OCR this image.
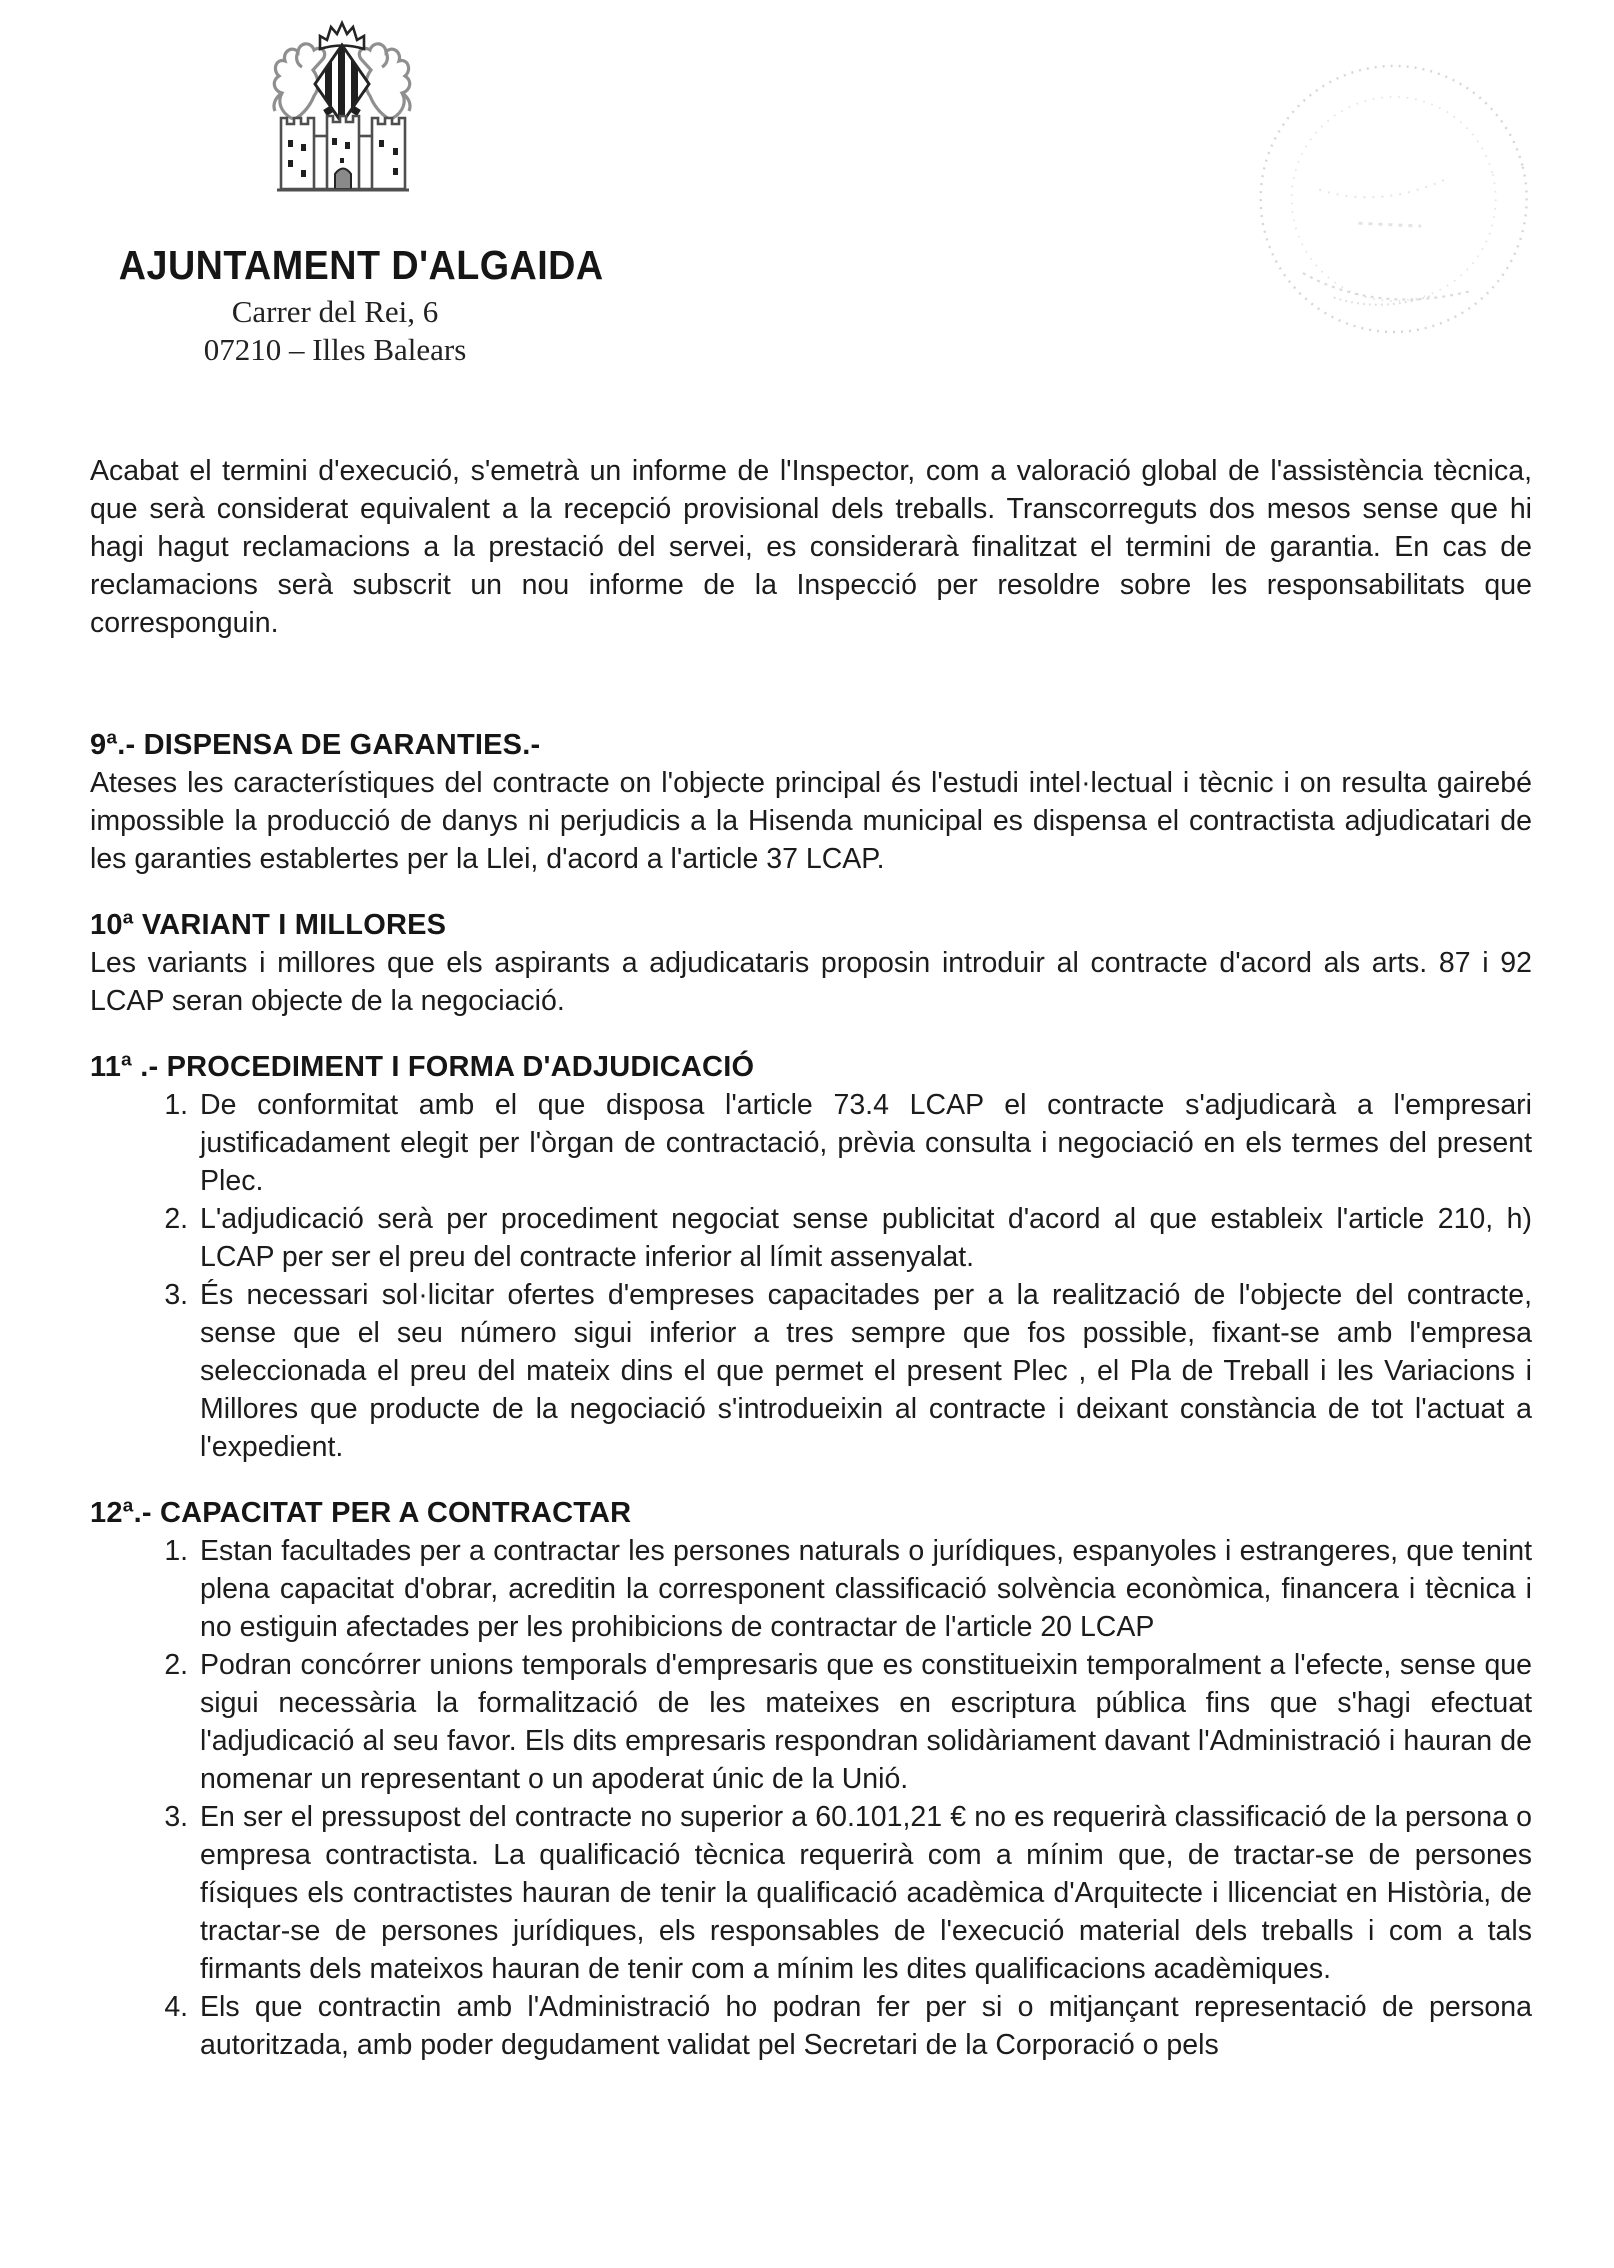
AJUNTAMENT D'ALGAIDA
Carrer del Rei, 6
07210 – Illes Balears

Acabat el termini d'execució, s'emetrà un informe de l'Inspector, com a valoració global de l'assistència tècnica, que serà considerat equivalent a la recepció provisional dels treballs. Transcorreguts dos mesos sense que hi hagi hagut reclamacions a la prestació del servei, es considerarà finalitzat el termini de garantia. En cas de reclamacions serà subscrit un nou informe de la Inspecció per resoldre sobre les responsabilitats que corresponguin.

9ª.- DISPENSA DE GARANTIES.-

Ateses les característiques del contracte on l'objecte principal és l'estudi intel·lectual i tècnic i on resulta gairebé impossible la producció de danys ni perjudicis a la Hisenda municipal es dispensa el contractista adjudicatari de les garanties establertes per la Llei, d'acord a l'article 37 LCAP.

10ª VARIANT I MILLORES

Les variants i millores que els aspirants a adjudicataris proposin introduir al contracte d'acord als arts. 87 i 92 LCAP seran objecte de la negociació.

11ª .- PROCEDIMENT I FORMA D'ADJUDICACIÓ
1. De conformitat amb el que disposa l'article 73.4 LCAP el contracte s'adjudicarà a l'empresari justificadament elegit per l'òrgan de contractació, prèvia consulta i negociació en els termes del present Plec.
2. L'adjudicació serà per procediment negociat sense publicitat d'acord al que estableix l'article 210, h) LCAP per ser el preu del contracte inferior al límit assenyalat.
3. És necessari sol·licitar ofertes d'empreses capacitades per a la realització de l'objecte del contracte, sense que el seu número sigui inferior a tres sempre que fos possible, fixant-se amb l'empresa seleccionada el preu del mateix dins el que permet el present Plec , el Pla de Treball i les Variacions i Millores que producte de la negociació s'introdueixin al contracte i deixant constància de tot l'actuat a l'expedient.
12ª.- CAPACITAT PER A CONTRACTAR
1. Estan facultades per a contractar les persones naturals o jurídiques, espanyoles i estrangeres, que tenint plena capacitat d'obrar, acreditin la corresponent classificació solvència econòmica, financera i tècnica i no estiguin afectades per les prohibicions de contractar de l'article 20 LCAP
2. Podran concórrer unions temporals d'empresaris que es constitueixin temporalment a l'efecte, sense que sigui necessària la formalització de les mateixes en escriptura pública fins que s'hagi efectuat l'adjudicació al seu favor. Els dits empresaris respondran solidàriament davant l'Administració i hauran de nomenar un representant o un apoderat únic de la Unió.
3. En ser el pressupost del contracte no superior a 60.101,21 € no es requerirà classificació de la persona o empresa contractista. La qualificació tècnica requerirà com a mínim que, de tractar-se de persones físiques els contractistes hauran de tenir la qualificació acadèmica d'Arquitecte i llicenciat en Història, de tractar-se de persones jurídiques, els responsables de l'execució material dels treballs i com a tals firmants dels mateixos hauran de tenir com a mínim les dites qualificacions acadèmiques.
4. Els que contractin amb l'Administració ho podran fer per si o mitjançant representació de persona autoritzada, amb poder degudament validat pel Secretari de la Corporació o pels
